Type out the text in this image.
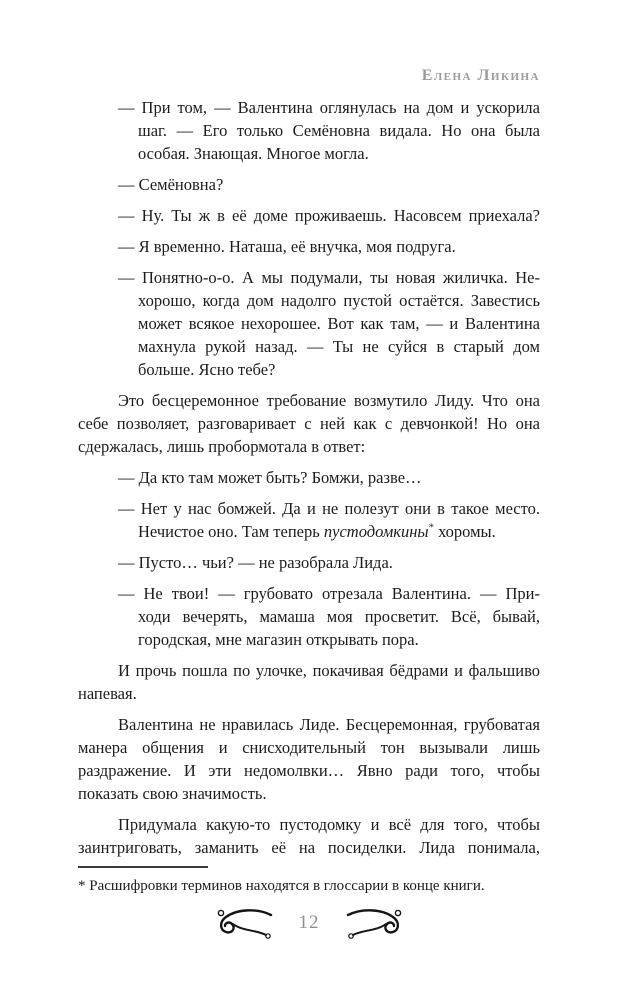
Елена Ликина
— При том, — Валентина оглянулась на дом и ускорила
шаг. — Его только Семёновна видала. Но она была
особая. Знающая. Многое могла.
— Семёновна?
— Ну. Ты ж в её доме проживаешь. Насовсем приехала?
— Я временно. Наташа, её внучка, моя подруга.
— Понятно-о-о. А мы подумали, ты новая жиличка. Не-
хорошо, когда дом надолго пустой остаётся. Завестись
может всякое нехорошее. Вот как там, — и Валентина
махнула рукой назад. — Ты не суйся в старый дом
больше. Ясно тебе?
Это бесцеремонное требование возмутило Лиду. Что она
себе позволяет, разговаривает с ней как с девчонкой! Но она
сдержалась, лишь пробормотала в ответ:
— Да кто там может быть? Бомжи, разве…
— Нет у нас бомжей. Да и не полезут они в такое место.
Нечистое оно. Там теперь пустодомкины* хоромы.
— Пусто… чьи? — не разобрала Лида.
— Не твои! — грубовато отрезала Валентина. — При-
ходи вечерять, мамаша моя просветит. Всё, бывай,
городская, мне магазин открывать пора.
И прочь пошла по улочке, покачивая бёдрами и фальшиво
напевая.
Валентина не нравилась Лиде. Бесцеремонная, грубоватая
манера общения и снисходительный тон вызывали лишь
раздражение. И эти недомолвки… Явно ради того, чтобы
показать свою значимость.
Придумала какую-то пустодомку и всё для того, чтобы
заинтриговать, заманить её на посиделки. Лида понимала,
* Расшифровки терминов находятся в глоссарии в конце книги.
12
